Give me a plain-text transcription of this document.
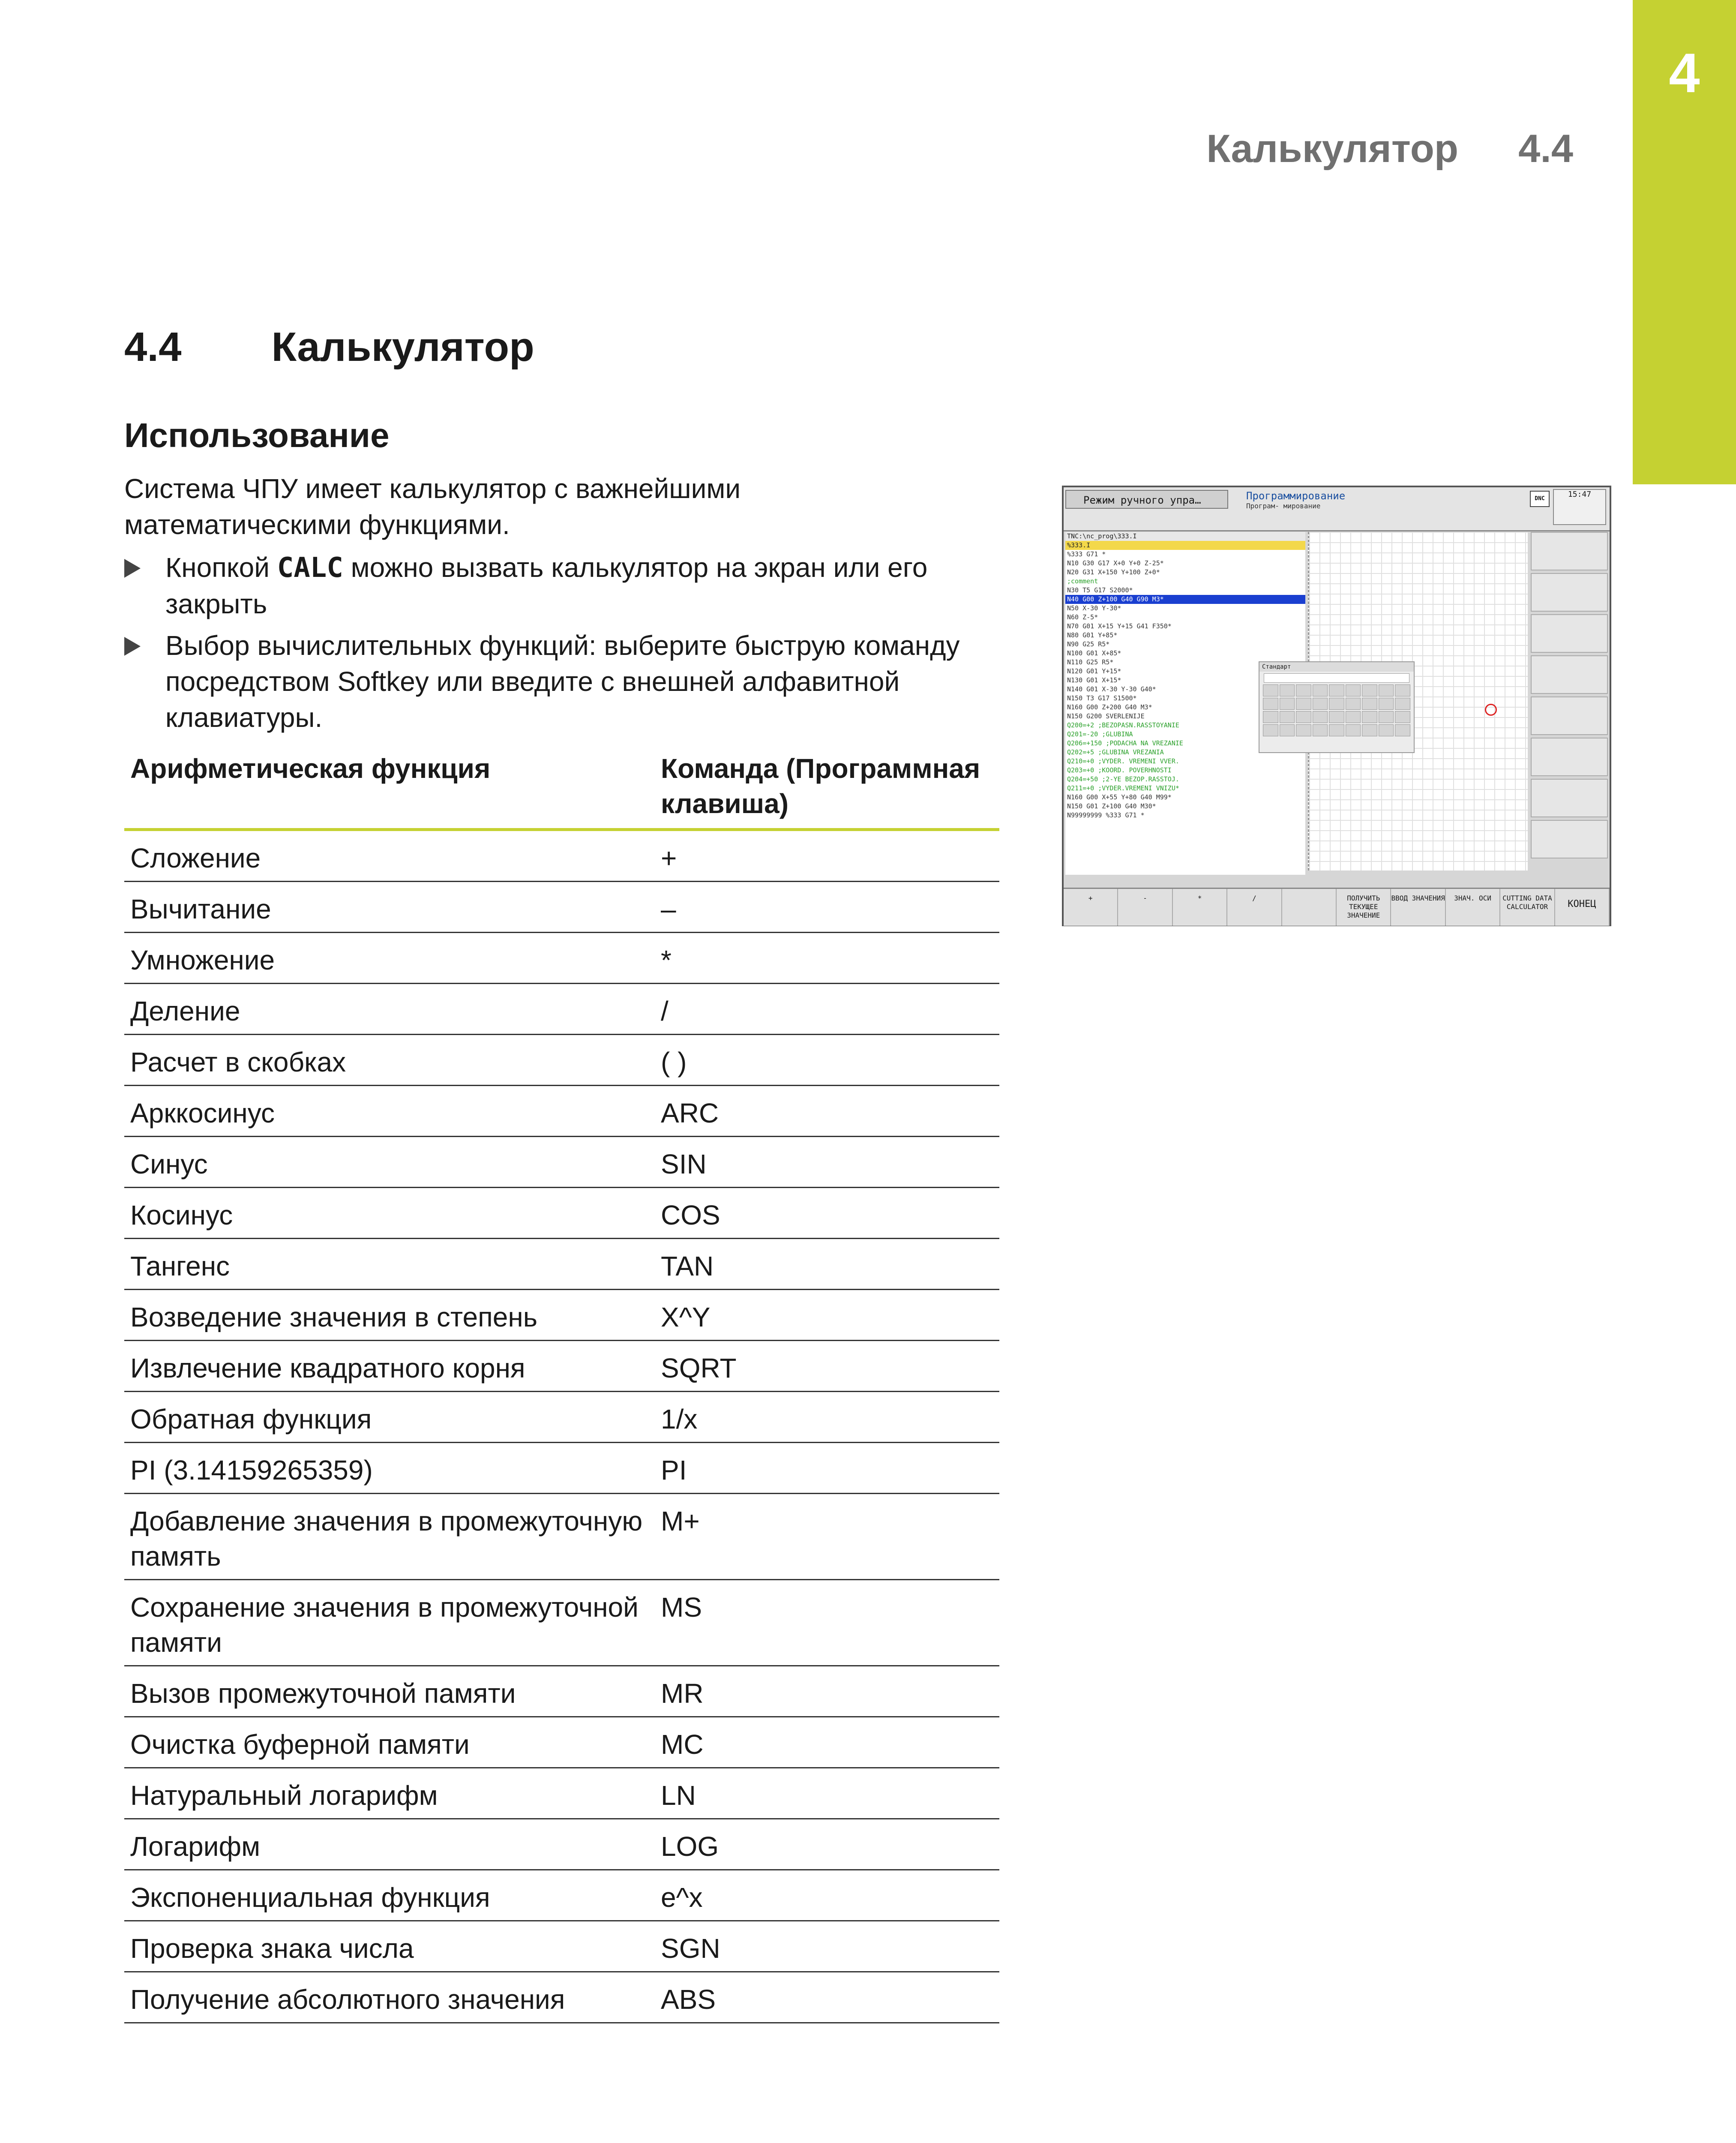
4
Калькулятор 4.4
4.4 Калькулятор
Использование
Система ЧПУ имеет калькулятор с важнейшими математическими функциями.
Кнопкой CALC можно вызвать калькулятор на экран или его закрыть
Выбор вычислительных функций: выберите быструю команду посредством Softkey или введите с внешней алфавитной клавиатуры.
Арифметическая функция	Команда (Программная клавиша)
Сложение	+
Вычитание	–
Умножение	*
Деление	/
Расчет в скобках	( )
Арккосинус	ARC
Синус	SIN
Косинус	COS
Тангенс	TAN
Возведение значения в степень	X^Y
Извлечение квадратного корня	SQRT
Обратная функция	1/x
PI (3.14159265359)	PI
Добавление значения в промежуточную память	M+
Сохранение значения в промежуточной памяти	MS
Вызов промежуточной памяти	MR
Очистка буферной памяти	MC
Натуральный логарифм	LN
Логарифм	LOG
Экспоненциальная функция	e^x
Проверка знака числа	SGN
Получение абсолютного значения	ABS
Режим ручного упра…	Программирование
Програм- мирование
DNC	15:47
TNC:\nc_prog\333.I
%333.I
%333 G71 *
N10 G30 G17 X+0 Y+0 Z-25*
N20 G31 X+150 Y+100 Z+0*
;comment
N30 T5 G17 S2000*
N40 G00 Z+100 G40 G90 M3*
N50 X-30 Y-30*
N60 Z-5*
N70 G01 X+15 Y+15 G41 F350*
N80 G01 Y+85*
N90 G25 R5*
N100 G01 X+85*
N110 G25 R5*
N120 G01 Y+15*
N130 G01 X+15*
N140 G01 X-30 Y-30 G40*
N150 T3 G17 S1500*
N160 G00 Z+200 G40 M3*
N150 G200 SVERLENIJE
Q200=+2 ;BEZOPASN.RASSTOYANIE
Q201=-20 ;GLUBINA
Q206=+150 ;PODACHA NA VREZANIE
Q202=+5 ;GLUBINA VREZANIA
Q210=+0 ;VYDER. VREMENI VVER.
Q203=+0 ;KOORD. POVERHNOSTI
Q204=+50 ;2-YE BEZOP.RASSTOJ.
Q211=+0 ;VYDER.VREMENI VNIZU*
N160 G00 X+55 Y+80 G40 M99*
N150 G01 Z+100 G40 M30*
N99999999 %333 G71 *
Стандарт
+	-	*	/	ПОЛУЧИТЬ ТЕКУЩЕЕ ЗНАЧЕНИЕ
ВВОД ЗНАЧЕНИЯ	ЗНАЧ. ОСИ	CUTTING DATA CALCULATOR	КОНЕЦ
